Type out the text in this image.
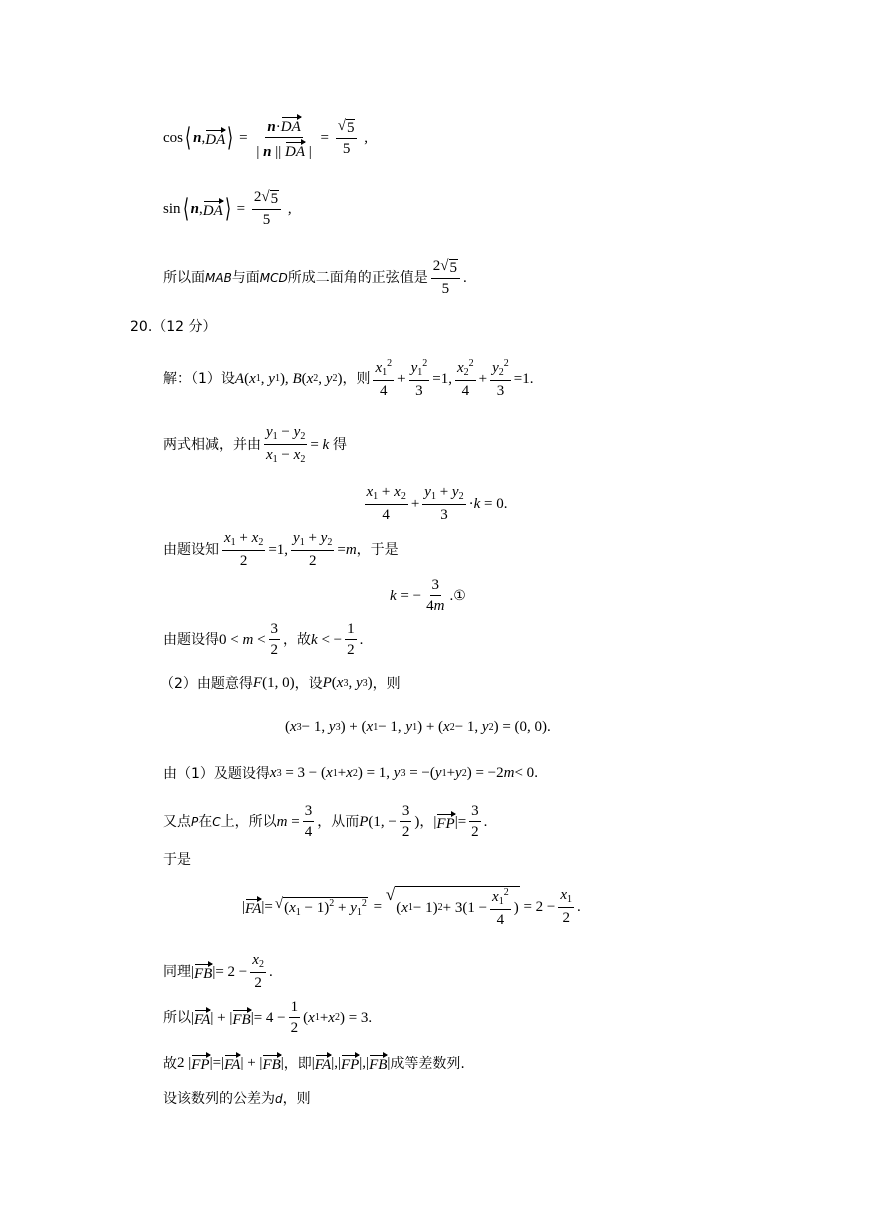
cos ⟨ n , DA ⟩ = $\frac{n\cdot DA}{| n || DA |} = \frac{√ 5}{5}$ ,
sin ⟨ n , DA ⟩ = $\frac{2√ 5}{5}$ ,
所以面 MAB 与面 MCD 所成二面角的正弦值是 $\frac{2√ 5}{5}$ .
20.（12 分）
解：（1）设 A ( x 1 , y 1 ), B ( x 2 , y 2 ) ，则 $\frac{x_1^2}{4} + \frac{y_1^2}{3} =1$, $\frac{x_2^2}{4} + \frac{y_2^2}{3} =1$ .
两式相减，并由 $\frac{y_1 - y_2}{x_1 - x_2} = k$ 得
$\frac{x_1 + x_2}{4} + \frac{y_1 + y_2}{3} \cdot k = 0$ .
由题设知 $\frac{x_1 + x_2}{2} =1$, $\frac{y_1 + y_2}{2} = m$ ，于是
k = − $\frac{3}{4m}$ . ①
由题设得 $0 < m < \frac{3}{2}$ ，故 k < − $\frac{1}{2}$ .
（2）由题意得 F (1, 0) ，设 P ( x 3 , y 3 ) ，则
( x 3 − 1, y 3 ) + ( x 1 − 1, y 1 ) + ( x 2 − 1, y 2 ) = (0, 0) .
由（1）及题设得 x 3 = 3 − ( x 1 + x 2 ) = 1, y 3 = −( y 1 + y 2 ) = −2 m < 0 .
又点 P 在 C 上，所以 $m = \frac{3}{4}$ ，从而 P (1, − $\frac{3}{2}$ ) ， | FP |= $\frac{3}{2}$ .
于是
| FA |= √ $(x_1 - 1)^2 + y_1^2$ =
√
( x 1 − 1) $2 + 3(1 - \frac{x_1^2}{4}$ ) = $2 - \frac{x_1}{2}$ .
同理 | FB |= $2 - \frac{x_2}{2}$ .
所以 | FA | + | FB |= $4 - \frac{1}{2}$ ( x 1 + x 2 ) = 3 .
故 2 | FP |=| FA | + | FB | ，即 | FA |,| FP |,| FB | 成等差数列.
设该数列的公差为 d ，则
